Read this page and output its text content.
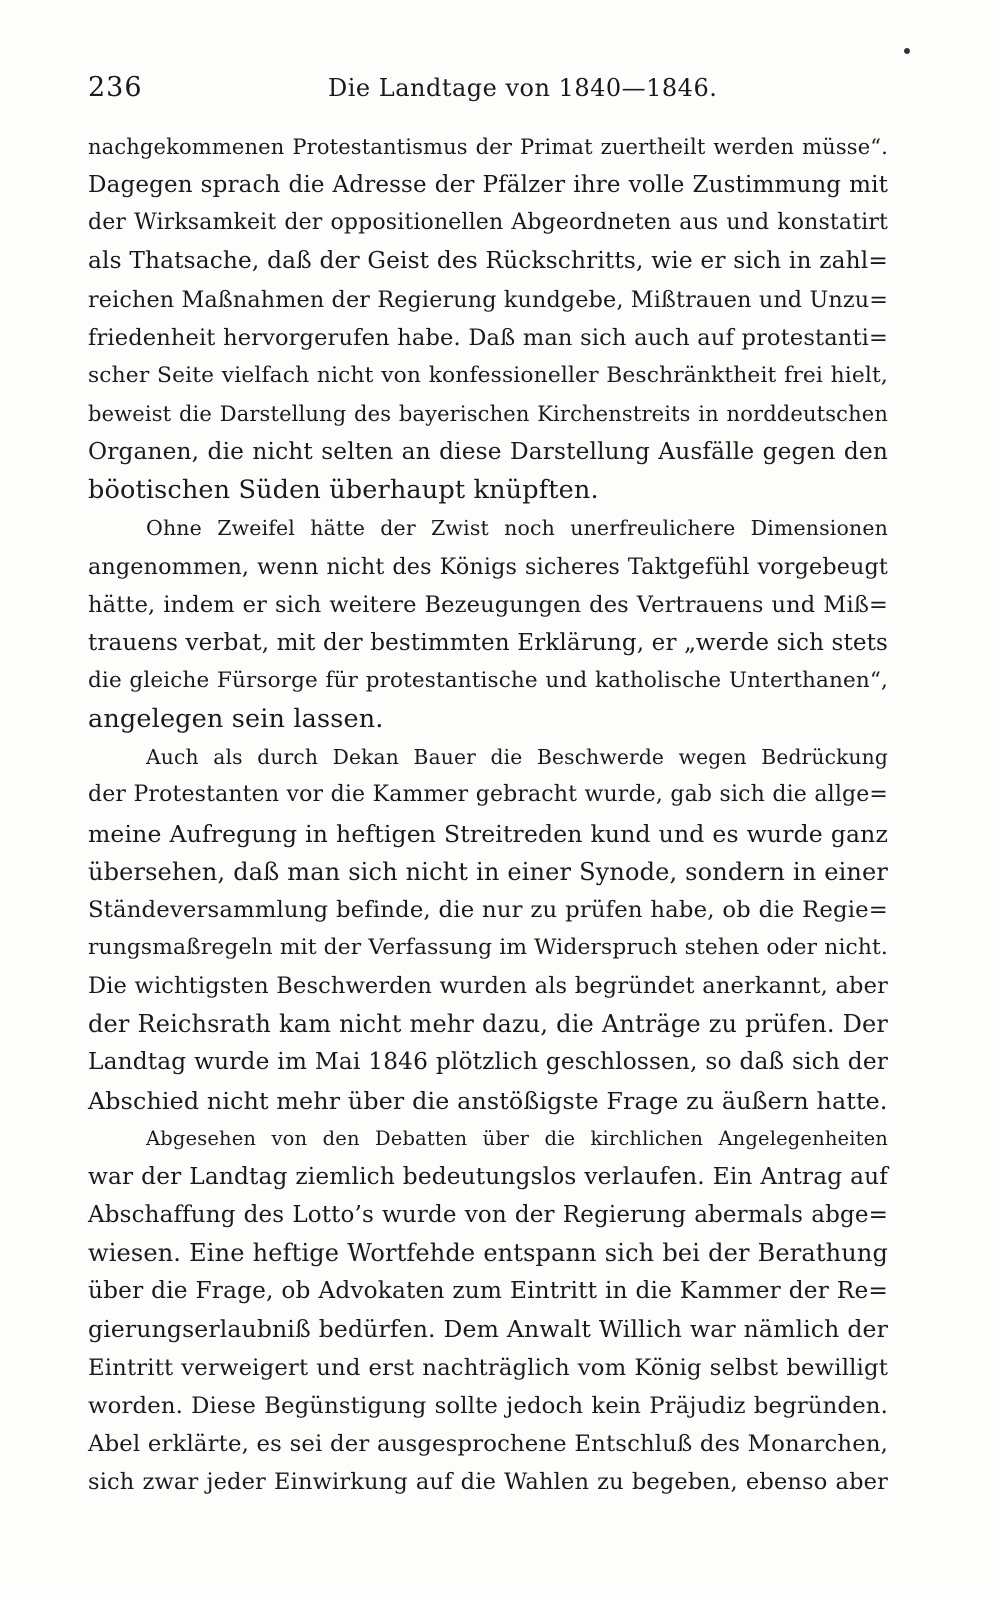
236	Die Landtage von 1840—1846.
nachgekommenen Protestantismus der Primat zuertheilt werden müsse“.
Dagegen sprach die Adresse der Pfälzer ihre volle Zustimmung mit
der Wirksamkeit der oppositionellen Abgeordneten aus und konstatirt
als Thatsache, daß der Geist des Rückschritts, wie er sich in zahl=
reichen Maßnahmen der Regierung kundgebe, Mißtrauen und Unzu=
friedenheit hervorgerufen habe. Daß man sich auch auf protestanti=
scher Seite vielfach nicht von konfessioneller Beschränktheit frei hielt,
beweist die Darstellung des bayerischen Kirchenstreits in norddeutschen
Organen, die nicht selten an diese Darstellung Ausfälle gegen den
böotischen Süden überhaupt knüpften.
Ohne Zweifel hätte der Zwist noch unerfreulichere Dimensionen
angenommen, wenn nicht des Königs sicheres Taktgefühl vorgebeugt
hätte, indem er sich weitere Bezeugungen des Vertrauens und Miß=
trauens verbat, mit der bestimmten Erklärung, er „werde sich stets
die gleiche Fürsorge für protestantische und katholische Unterthanen“,
angelegen sein lassen.
Auch als durch Dekan Bauer die Beschwerde wegen Bedrückung
der Protestanten vor die Kammer gebracht wurde, gab sich die allge=
meine Aufregung in heftigen Streitreden kund und es wurde ganz
übersehen, daß man sich nicht in einer Synode, sondern in einer
Ständeversammlung befinde, die nur zu prüfen habe, ob die Regie=
rungsmaßregeln mit der Verfassung im Widerspruch stehen oder nicht.
Die wichtigsten Beschwerden wurden als begründet anerkannt, aber
der Reichsrath kam nicht mehr dazu, die Anträge zu prüfen. Der
Landtag wurde im Mai 1846 plötzlich geschlossen, so daß sich der
Abschied nicht mehr über die anstößigste Frage zu äußern hatte.
Abgesehen von den Debatten über die kirchlichen Angelegenheiten
war der Landtag ziemlich bedeutungslos verlaufen. Ein Antrag auf
Abschaffung des Lotto’s wurde von der Regierung abermals abge=
wiesen. Eine heftige Wortfehde entspann sich bei der Berathung
über die Frage, ob Advokaten zum Eintritt in die Kammer der Re=
gierungserlaubniß bedürfen. Dem Anwalt Willich war nämlich der
Eintritt verweigert und erst nachträglich vom König selbst bewilligt
worden. Diese Begünstigung sollte jedoch kein Präjudiz begründen.
Abel erklärte, es sei der ausgesprochene Entschluß des Monarchen,
sich zwar jeder Einwirkung auf die Wahlen zu begeben, ebenso aber
